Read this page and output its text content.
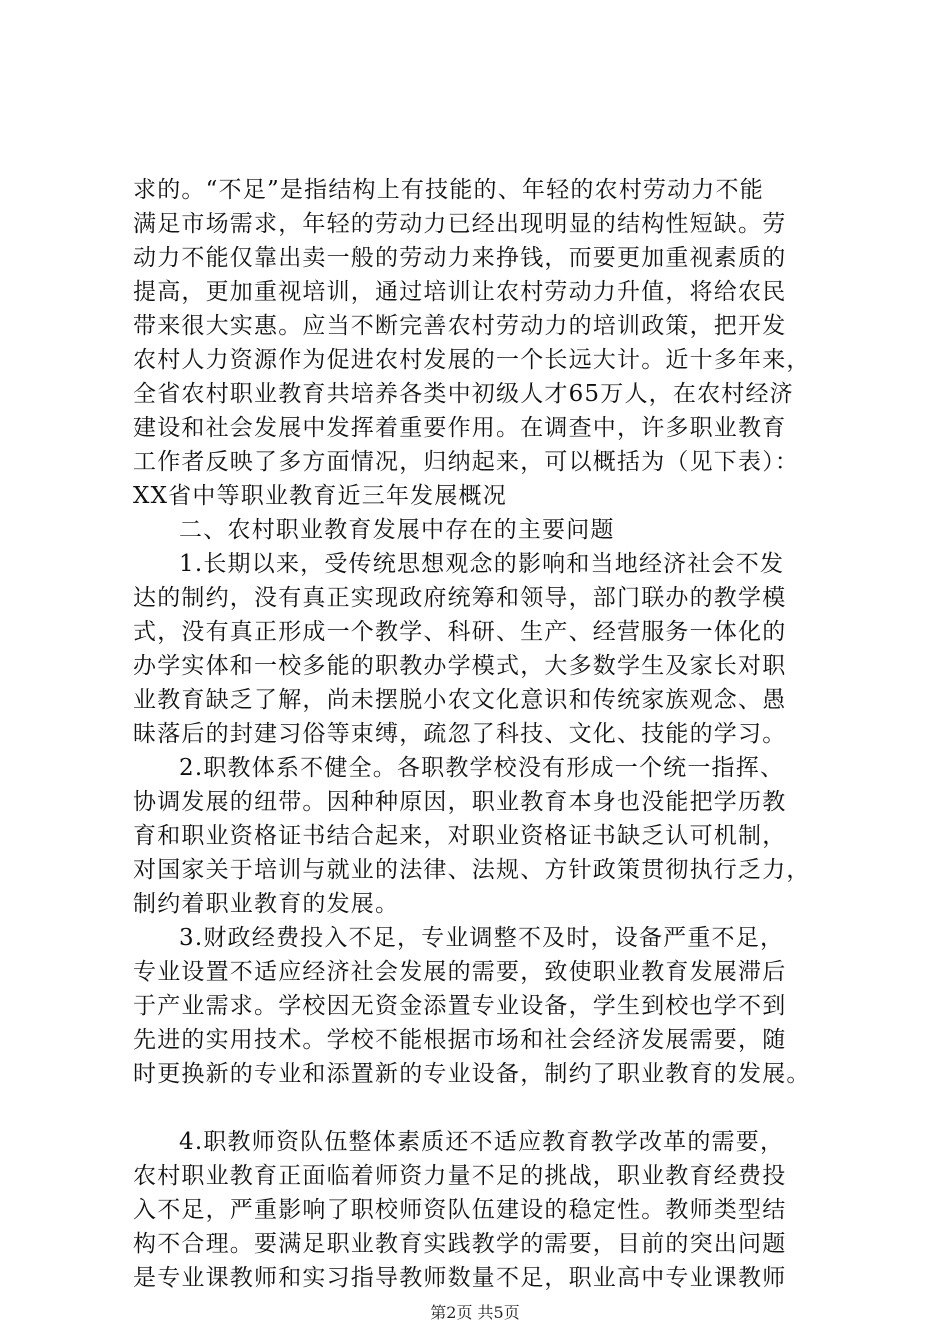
求的。“不足”是指结构上有技能的、年轻的农村劳动力不能
满足市场需求，年轻的劳动力已经出现明显的结构性短缺。劳
动力不能仅靠出卖一般的劳动力来挣钱，而要更加重视素质的
提高，更加重视培训，通过培训让农村劳动力升值，将给农民
带来很大实惠。应当不断完善农村劳动力的培训政策，把开发
农村人力资源作为促进农村发展的一个长远大计。近十多年来，
全省农村职业教育共培养各类中初级人才65万人，在农村经济
建设和社会发展中发挥着重要作用。在调查中，许多职业教育
工作者反映了多方面情况，归纳起来，可以概括为（见下表）：
XX省中等职业教育近三年发展概况
二、农村职业教育发展中存在的主要问题
1.长期以来，受传统思想观念的影响和当地经济社会不发
达的制约，没有真正实现政府统筹和领导，部门联办的教学模
式，没有真正形成一个教学、科研、生产、经营服务一体化的
办学实体和一校多能的职教办学模式，大多数学生及家长对职
业教育缺乏了解，尚未摆脱小农文化意识和传统家族观念、愚
昧落后的封建习俗等束缚，疏忽了科技、文化、技能的学习。
2.职教体系不健全。各职教学校没有形成一个统一指挥、
协调发展的纽带。因种种原因，职业教育本身也没能把学历教
育和职业资格证书结合起来，对职业资格证书缺乏认可机制，
对国家关于培训与就业的法律、法规、方针政策贯彻执行乏力，
制约着职业教育的发展。
3.财政经费投入不足，专业调整不及时，设备严重不足，
专业设置不适应经济社会发展的需要，致使职业教育发展滞后
于产业需求。学校因无资金添置专业设备，学生到校也学不到
先进的实用技术。学校不能根据市场和社会经济发展需要，随
时更换新的专业和添置新的专业设备，制约了职业教育的发展。
4.职教师资队伍整体素质还不适应教育教学改革的需要，
农村职业教育正面临着师资力量不足的挑战，职业教育经费投
入不足，严重影响了职校师资队伍建设的稳定性。教师类型结
构不合理。要满足职业教育实践教学的需要，目前的突出问题
是专业课教师和实习指导教师数量不足，职业高中专业课教师
第2页 共5页
